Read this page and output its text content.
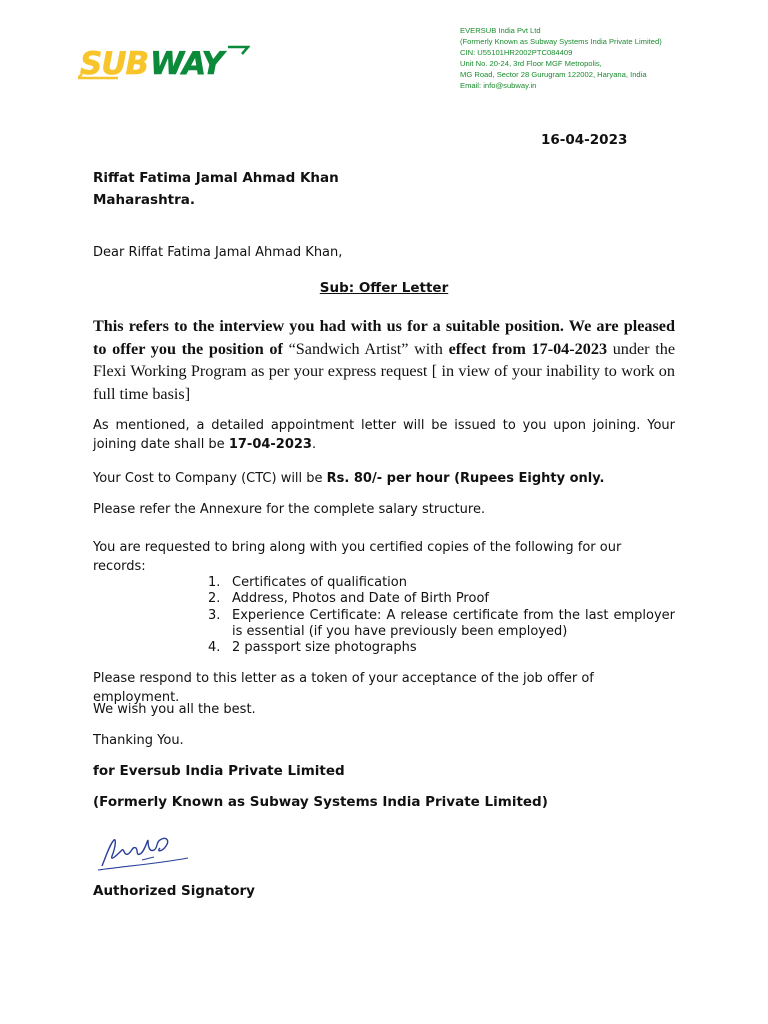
SUB WAY
EVERSUB India Pvt Ltd
(Formerly Known as Subway Systems India Private Limited)
CIN: U55101HR2002PTC084409
Unit No. 20-24, 3rd Floor MGF Metropolis,
MG Road, Sector 28 Gurugram 122002, Haryana, India
Email: info@subway.in
16-04-2023
Riffat Fatima Jamal Ahmad Khan
Maharashtra.
Dear Riffat Fatima Jamal Ahmad Khan,
Sub: Offer Letter
This refers to the interview you had with us for a suitable position. We are pleased to offer you the position of “Sandwich Artist” with effect from 17-04-2023 under the Flexi Working Program as per your express request [ in view of your inability to work on full time basis]
As mentioned, a detailed appointment letter will be issued to you upon joining. Your joining date shall be 17-04-2023.
Your Cost to Company (CTC) will be Rs. 80/- per hour (Rupees Eighty only.
Please refer the Annexure for the complete salary structure.
You are requested to bring along with you certified copies of the following for our records:
1. Certificates of qualification
2. Address, Photos and Date of Birth Proof
3. Experience Certificate: A release certificate from the last employer is essential (if you have previously been employed)
4. 2 passport size photographs
Please respond to this letter as a token of your acceptance of the job offer of employment.
We wish you all the best.
Thanking You.
for Eversub India Private Limited
(Formerly Known as Subway Systems India Private Limited)
Authorized Signatory
